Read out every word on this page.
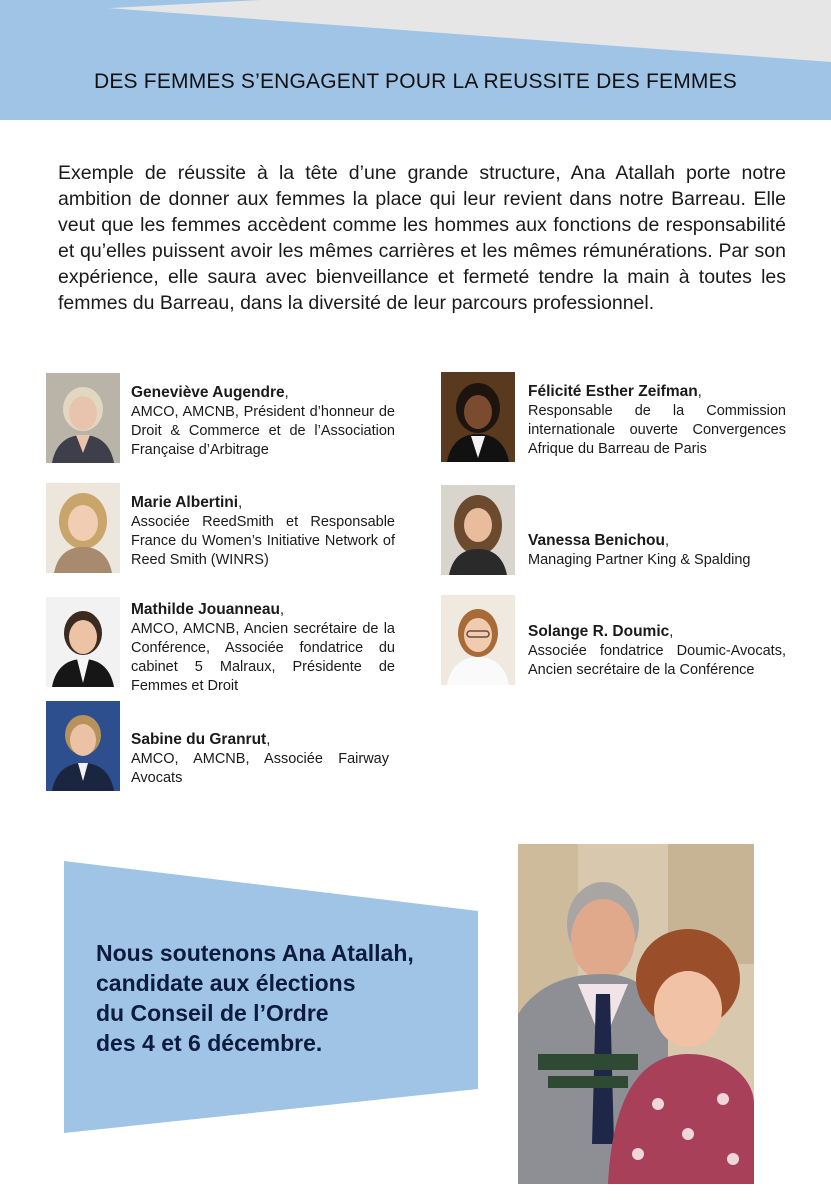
DES FEMMES S’ENGAGENT POUR LA REUSSITE DES FEMMES
Exemple de réussite à la tête d’une grande structure, Ana Atallah porte notre ambition de donner aux femmes la place qui leur revient dans notre Barreau. Elle veut que les femmes accèdent comme les hommes aux fonctions de responsabilité et qu’elles puissent avoir les mêmes carrières et les mêmes rémunérations. Par son expérience, elle saura avec bienveillance et fermeté tendre la main à toutes les femmes du Barreau, dans la diversité de leur parcours professionnel.
Geneviève Augendre,
AMCO, AMCNB, Président d’honneur de Droit & Commerce et de l’Association Française d’Arbitrage
Marie Albertini,
Associée ReedSmith et Responsable France du Women’s Initiative Network of Reed Smith (WINRS)
Mathilde Jouanneau,
AMCO, AMCNB, Ancien secrétaire de la Conférence, Associée fondatrice du cabinet 5 Malraux, Présidente de Femmes et Droit
Sabine du Granrut,
AMCO, AMCNB, Associée Fairway Avocats
Félicité Esther Zeifman,
Responsable de la Commission internationale ouverte Convergences Afrique du Barreau de Paris
Vanessa Benichou,
Managing Partner King & Spalding
Solange R. Doumic,
Associée fondatrice Doumic-Avocats, Ancien secrétaire de la Conférence
Nous soutenons Ana Atallah,
candidate aux élections
du Conseil de l’Ordre
des 4 et 6 décembre.
